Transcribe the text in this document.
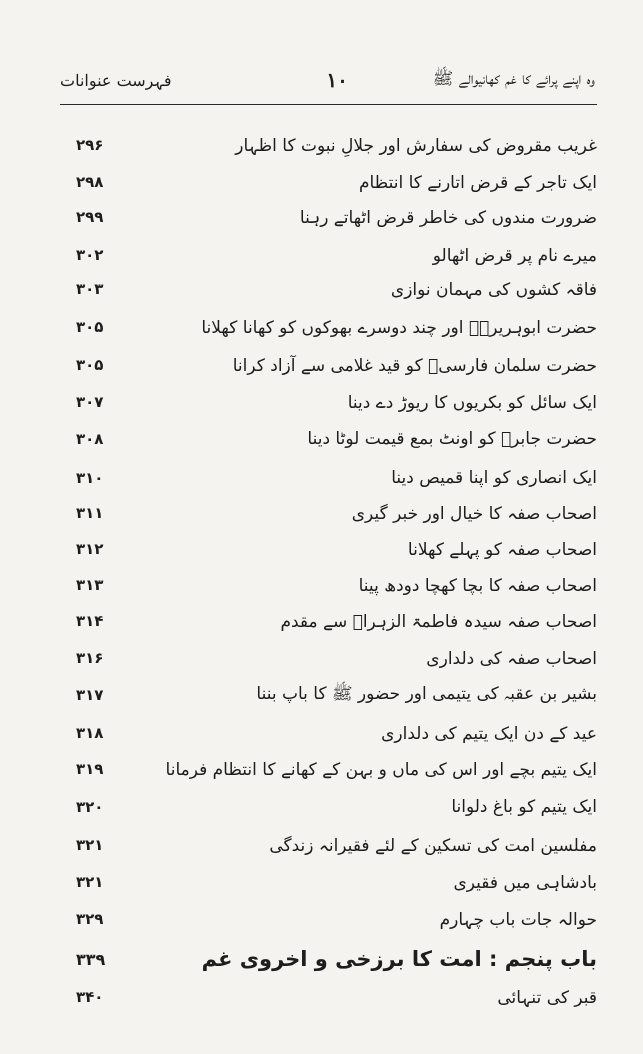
وہ اپنے پرائے کا غم کھانیوالے ﷺ
۱۰
فہرست عنوانات
غریب مقروض کی سفارش اور جلالِ نبوت کا اظہار
۲۹۶
ایک تاجر کے قرض اتارنے کا انتظام
۲۹۸
ضرورت مندوں کی خاطر قرض اٹھاتے رہنا
۲۹۹
میرے نام پر قرض اٹھالو
۳۰۲
فاقہ کشوں کی مہمان نوازی
۳۰۳
حضرت ابوہریرہؓ اور چند دوسرے بھوکوں کو کھانا کھلانا
۳۰۵
حضرت سلمان فارسیؓ کو قید غلامی سے آزاد کرانا
۳۰۵
ایک سائل کو بکریوں کا ریوڑ دے دینا
۳۰۷
حضرت جابرؓ کو اونٹ بمع قیمت لوٹا دینا
۳۰۸
ایک انصاری کو اپنا قمیص دینا
۳۱۰
اصحاب صفہ کا خیال اور خبر گیری
۳۱۱
اصحاب صفہ کو پہلے کھلانا
۳۱۲
اصحاب صفہ کا بچا کھچا دودھ پینا
۳۱۳
اصحاب صفہ سیدہ فاطمۃ الزہراؓ سے مقدم
۳۱۴
اصحاب صفہ کی دلداری
۳۱۶
بشیر بن عقبہ کی یتیمی اور حضور ﷺ کا باپ بننا
۳۱۷
عید کے دن ایک یتیم کی دلداری
۳۱۸
ایک یتیم بچے اور اس کی ماں و بہن کے کھانے کا انتظام فرمانا
۳۱۹
ایک یتیم کو باغ دلوانا
۳۲۰
مفلسین امت کی تسکین کے لئے فقیرانہ زندگی
۳۲۱
بادشاہی میں فقیری
۳۲۱
حوالہ جات باب چہارم
۳۲۹
باب پنجم : امت کا برزخی و اخروی غم
۳۳۹
قبر کی تنہائی
۳۴۰
